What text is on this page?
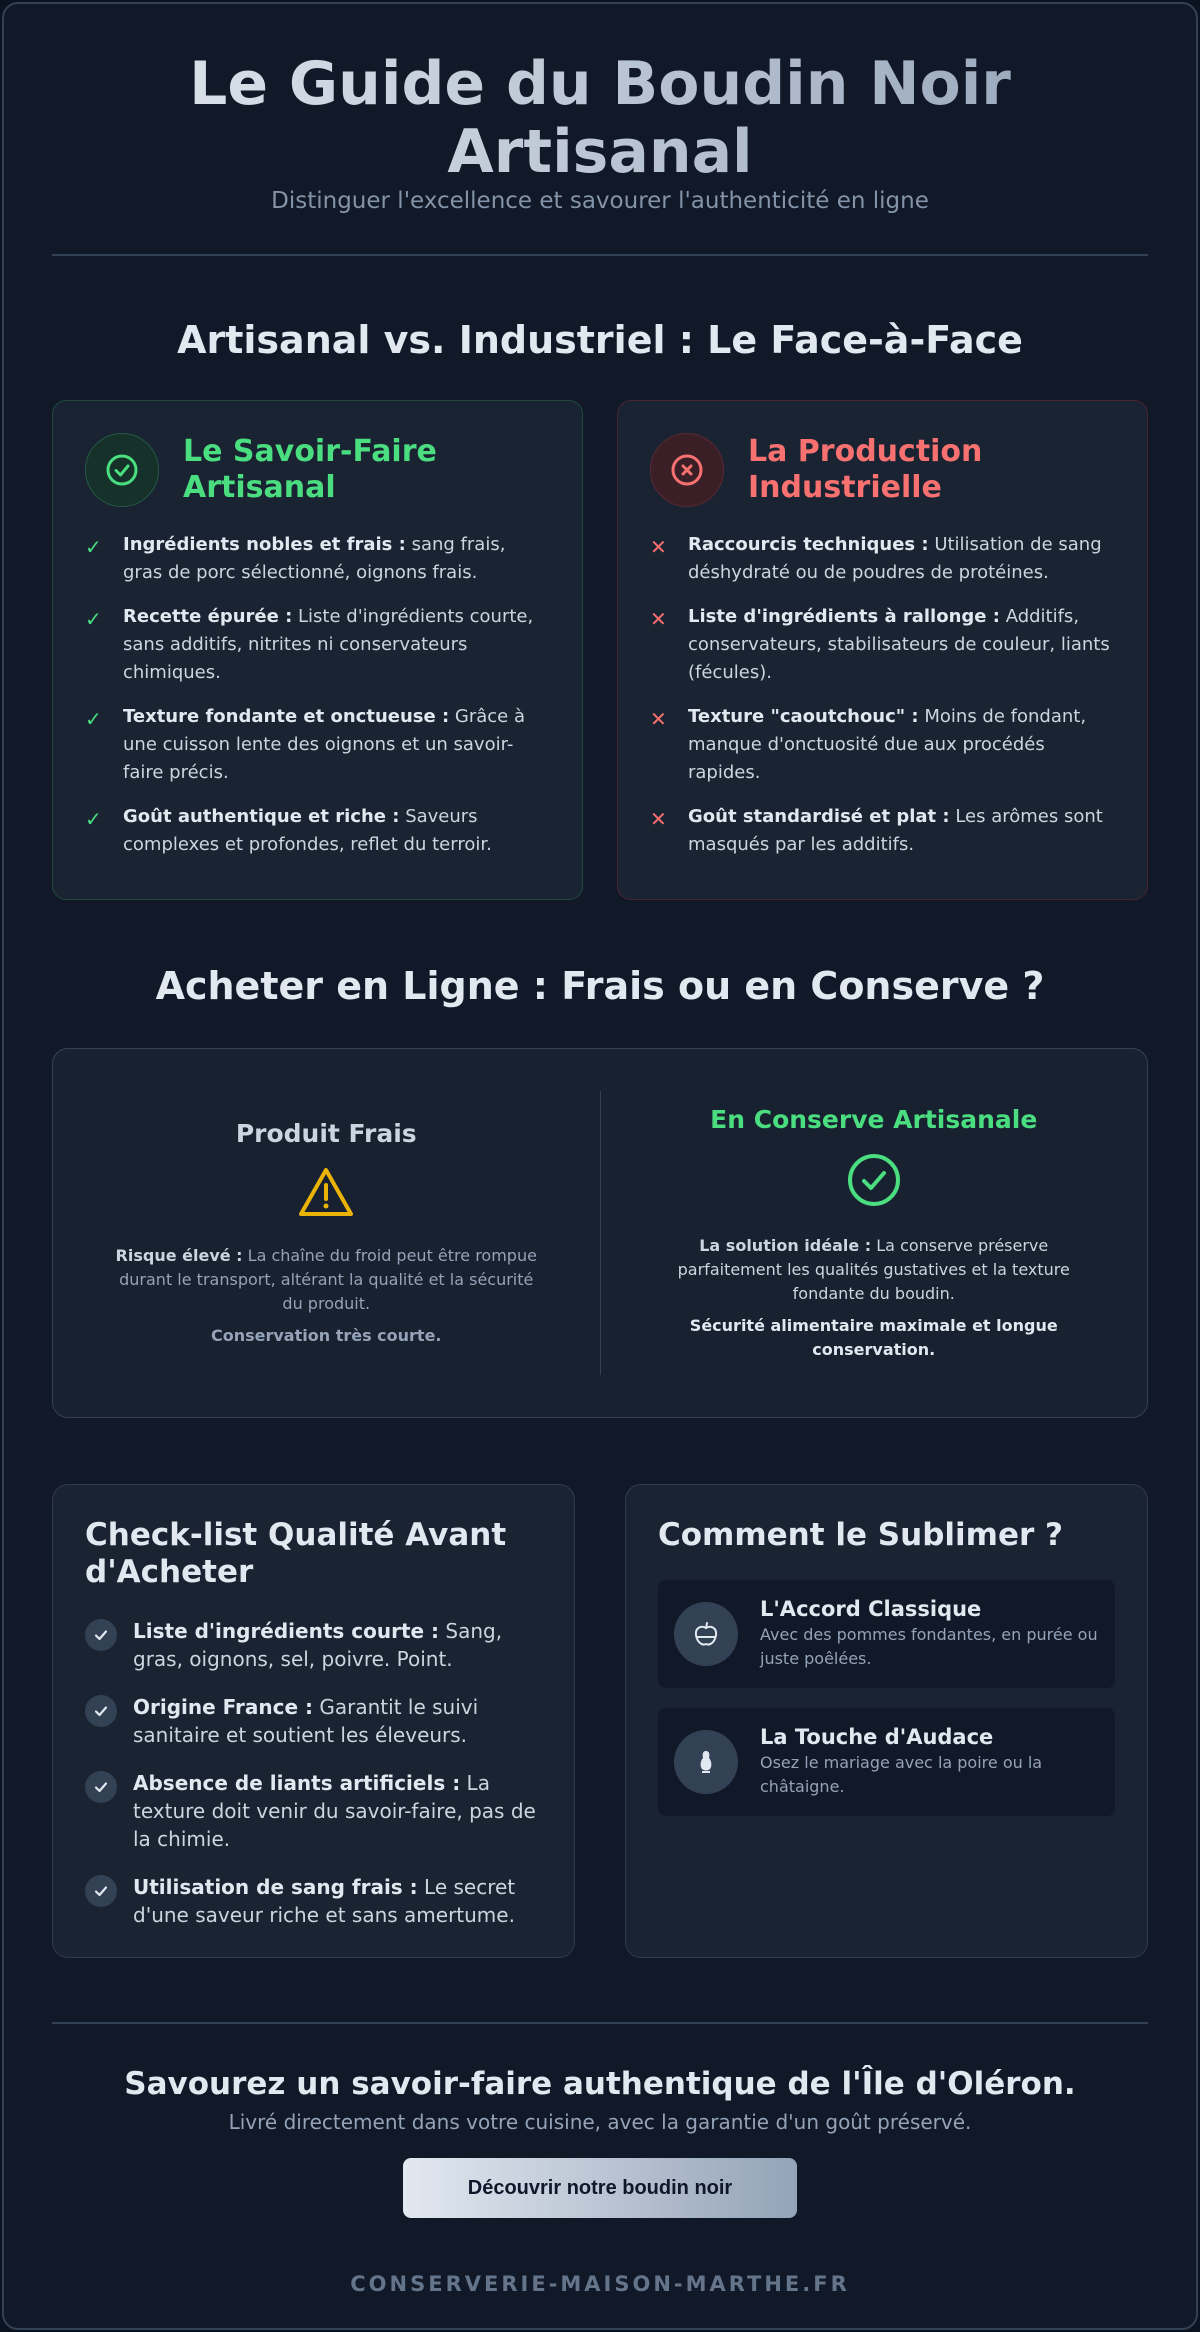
Le Guide du Boudin Noir Artisanal

Distinguer l'excellence et savourer l'authenticité en ligne

Artisanal vs. Industriel : Le Face-à-Face
Le Savoir-Faire Artisanal
✓ Ingrédients nobles et frais : sang frais, gras de porc sélectionné, oignons frais.
✓ Recette épurée : Liste d'ingrédients courte, sans additifs, nitrites ni conservateurs chimiques.
✓ Texture fondante et onctueuse : Grâce à une cuisson lente des oignons et un savoir-faire précis.
✓ Goût authentique et riche : Saveurs complexes et profondes, reflet du terroir.
La Production Industrielle
✕ Raccourcis techniques : Utilisation de sang déshydraté ou de poudres de protéines.
✕ Liste d'ingrédients à rallonge : Additifs, conservateurs, stabilisateurs de couleur, liants (fécules).
✕ Texture "caoutchouc" : Moins de fondant, manque d'onctuosité due aux procédés rapides.
✕ Goût standardisé et plat : Les arômes sont masqués par les additifs.
Acheter en Ligne : Frais ou en Conserve ?
Produit Frais

Risque élevé : La chaîne du froid peut être rompue durant le transport, altérant la qualité et la sécurité du produit.

Conservation très courte.

En Conserve Artisanale

La solution idéale : La conserve préserve parfaitement les qualités gustatives et la texture fondante du boudin.

Sécurité alimentaire maximale et longue conservation.

Check-list Qualité Avant d'Acheter
Liste d'ingrédients courte : Sang, gras, oignons, sel, poivre. Point.
Origine France : Garantit le suivi sanitaire et soutient les éleveurs.
Absence de liants artificiels : La texture doit venir du savoir-faire, pas de la chimie.
Utilisation de sang frais : Le secret d'une saveur riche et sans amertume.
Comment le Sublimer ?
L'Accord Classique
Avec des pommes fondantes, en purée ou juste poêlées.
La Touche d'Audace
Osez le mariage avec la poire ou la châtaigne.
Savourez un savoir-faire authentique de l'Île d'Oléron.

Livré directement dans votre cuisine, avec la garantie d'un goût préservé.

Découvrir notre boudin noir
CONSERVERIE-MAISON-MARTHE.FR
